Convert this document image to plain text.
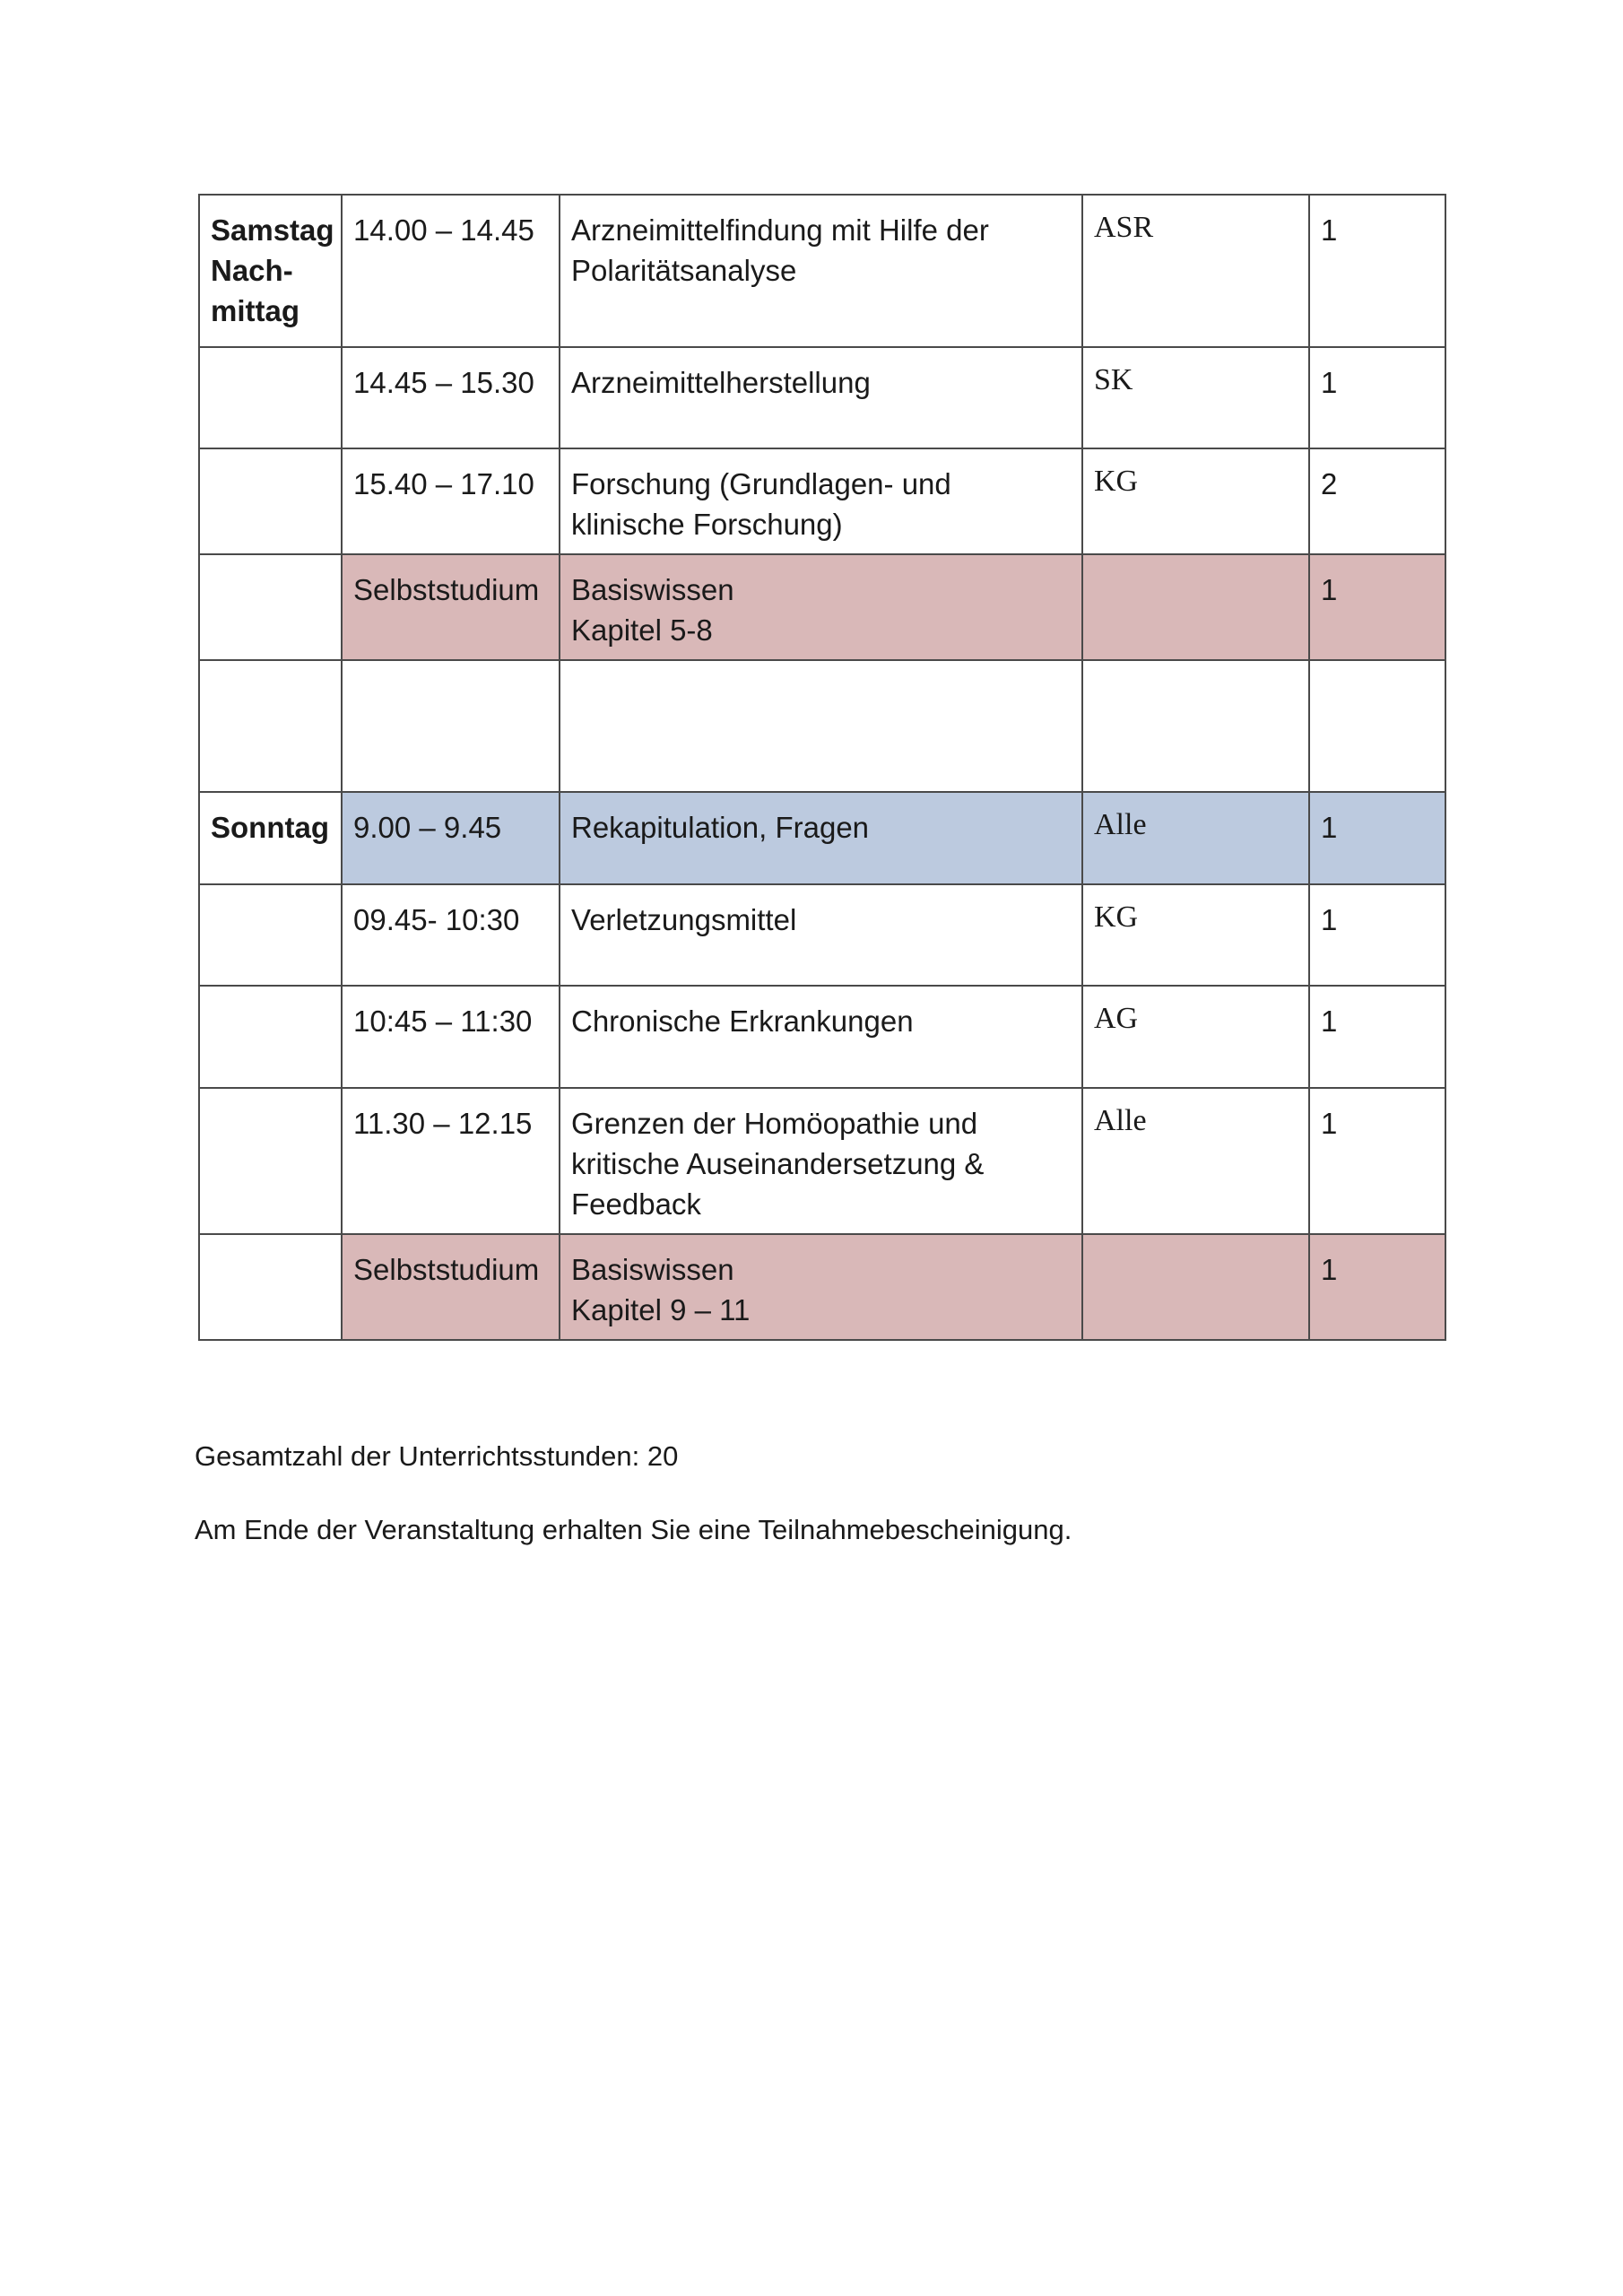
Samstag
Nach-
mittag	14.00 – 14.45	Arzneimittelfindung mit Hilfe der
Polaritätsanalyse	ASR	1
	14.45 – 15.30	Arzneimittelherstellung	SK	1
	15.40 – 17.10	Forschung (Grundlagen- und
klinische Forschung)	KG	2
	Selbststudium	Basiswissen
Kapitel 5-8		1

Sonntag	9.00 – 9.45	Rekapitulation, Fragen	Alle	1
	09.45- 10:30	Verletzungsmittel	KG	1
	10:45 – 11:30	Chronische Erkrankungen	AG	1
	11.30 – 12.15	Grenzen der Homöopathie und
kritische Auseinandersetzung &
Feedback	Alle	1
	Selbststudium	Basiswissen
Kapitel 9 – 11		1
Gesamtzahl der Unterrichtsstunden: 20
Am Ende der Veranstaltung erhalten Sie eine Teilnahmebescheinigung.
